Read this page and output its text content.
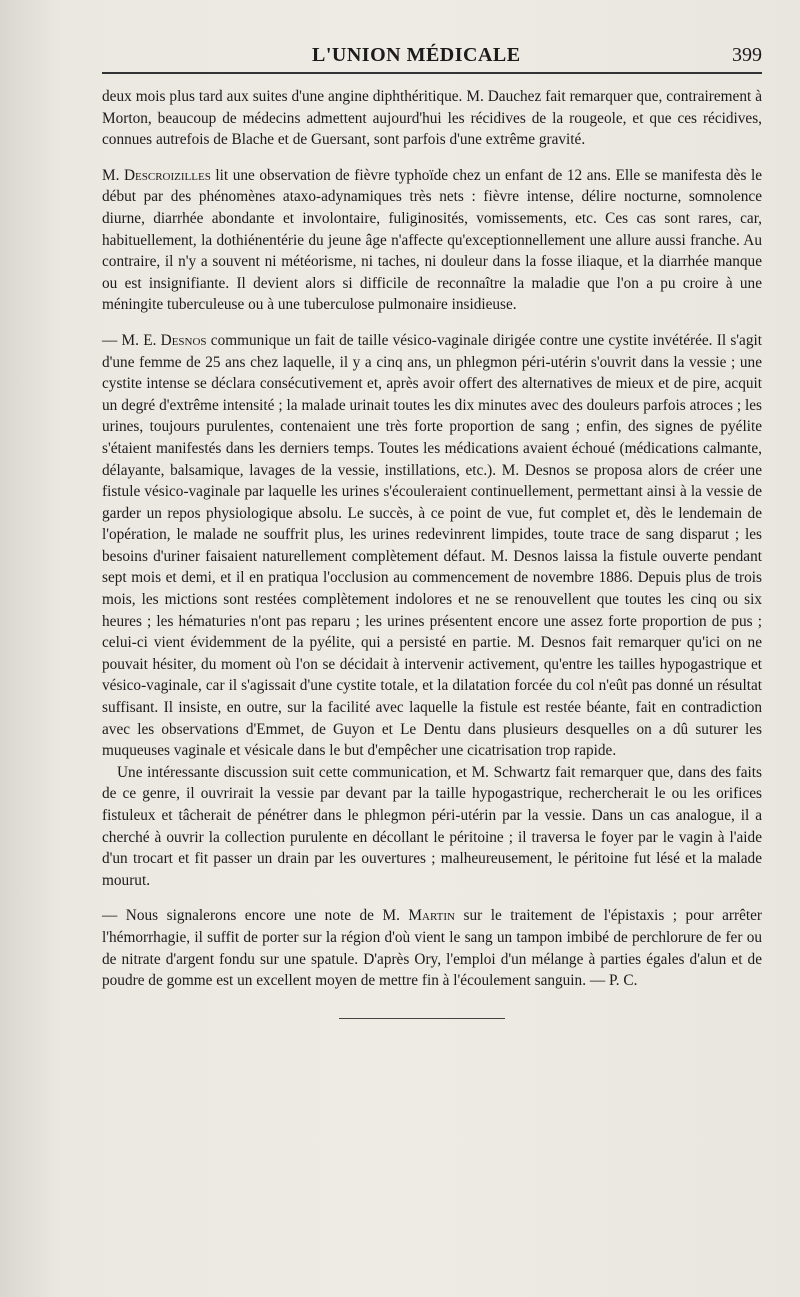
L'UNION MÉDICALE	399

deux mois plus tard aux suites d'une angine diphthéritique. M. Dauchez fait remarquer que, contrairement à Morton, beaucoup de médecins admettent aujourd'hui les récidives de la rougeole, et que ces récidives, connues autrefois de Blache et de Guersant, sont parfois d'une extrême gravité.

M. Descroizilles lit une observation de fièvre typhoïde chez un enfant de 12 ans. Elle se manifesta dès le début par des phénomènes ataxo-adynamiques très nets : fièvre intense, délire nocturne, somnolence diurne, diarrhée abondante et involontaire, fuliginosités, vomissements, etc. Ces cas sont rares, car, habituellement, la dothiénentérie du jeune âge n'affecte qu'exceptionnellement une allure aussi franche. Au contraire, il n'y a souvent ni météorisme, ni taches, ni douleur dans la fosse iliaque, et la diarrhée manque ou est insignifiante. Il devient alors si difficile de reconnaître la maladie que l'on a pu croire à une méningite tuberculeuse ou à une tuberculose pulmonaire insidieuse.

— M. E. Desnos communique un fait de taille vésico-vaginale dirigée contre une cystite invétérée. Il s'agit d'une femme de 25 ans chez laquelle, il y a cinq ans, un phlegmon péri-utérin s'ouvrit dans la vessie ; une cystite intense se déclara consécutivement et, après avoir offert des alternatives de mieux et de pire, acquit un degré d'extrême intensité ; la malade urinait toutes les dix minutes avec des douleurs parfois atroces ; les urines, toujours purulentes, contenaient une très forte proportion de sang ; enfin, des signes de pyélite s'étaient manifestés dans les derniers temps. Toutes les médications avaient échoué (médications calmante, délayante, balsamique, lavages de la vessie, instillations, etc.). M. Desnos se proposa alors de créer une fistule vésico-vaginale par laquelle les urines s'écouleraient continuellement, permettant ainsi à la vessie de garder un repos physiologique absolu. Le succès, à ce point de vue, fut complet et, dès le lendemain de l'opération, le malade ne souffrit plus, les urines redevinrent limpides, toute trace de sang disparut ; les besoins d'uriner faisaient naturellement complètement défaut. M. Desnos laissa la fistule ouverte pendant sept mois et demi, et il en pratiqua l'occlusion au commencement de novembre 1886. Depuis plus de trois mois, les mictions sont restées complètement indolores et ne se renouvellent que toutes les cinq ou six heures ; les hématuries n'ont pas reparu ; les urines présentent encore une assez forte proportion de pus ; celui-ci vient évidemment de la pyélite, qui a persisté en partie. M. Desnos fait remarquer qu'ici on ne pouvait hésiter, du moment où l'on se décidait à intervenir activement, qu'entre les tailles hypogastrique et vésico-vaginale, car il s'agissait d'une cystite totale, et la dilatation forcée du col n'eût pas donné un résultat suffisant. Il insiste, en outre, sur la facilité avec laquelle la fistule est restée béante, fait en contradiction avec les observations d'Emmet, de Guyon et Le Dentu dans plusieurs desquelles on a dû suturer les muqueuses vaginale et vésicale dans le but d'empêcher une cicatrisation trop rapide.

Une intéressante discussion suit cette communication, et M. Schwartz fait remarquer que, dans des faits de ce genre, il ouvrirait la vessie par devant par la taille hypogastrique, rechercherait le ou les orifices fistuleux et tâcherait de pénétrer dans le phlegmon péri-utérin par la vessie. Dans un cas analogue, il a cherché à ouvrir la collection purulente en décollant le péritoine ; il traversa le foyer par le vagin à l'aide d'un trocart et fit passer un drain par les ouvertures ; malheureusement, le péritoine fut lésé et la malade mourut.

— Nous signalerons encore une note de M. Martin sur le traitement de l'épistaxis ; pour arrêter l'hémorrhagie, il suffit de porter sur la région d'où vient le sang un tampon imbibé de perchlorure de fer ou de nitrate d'argent fondu sur une spatule. D'après Ory, l'emploi d'un mélange à parties égales d'alun et de poudre de gomme est un excellent moyen de mettre fin à l'écoulement sanguin. — P. C.
